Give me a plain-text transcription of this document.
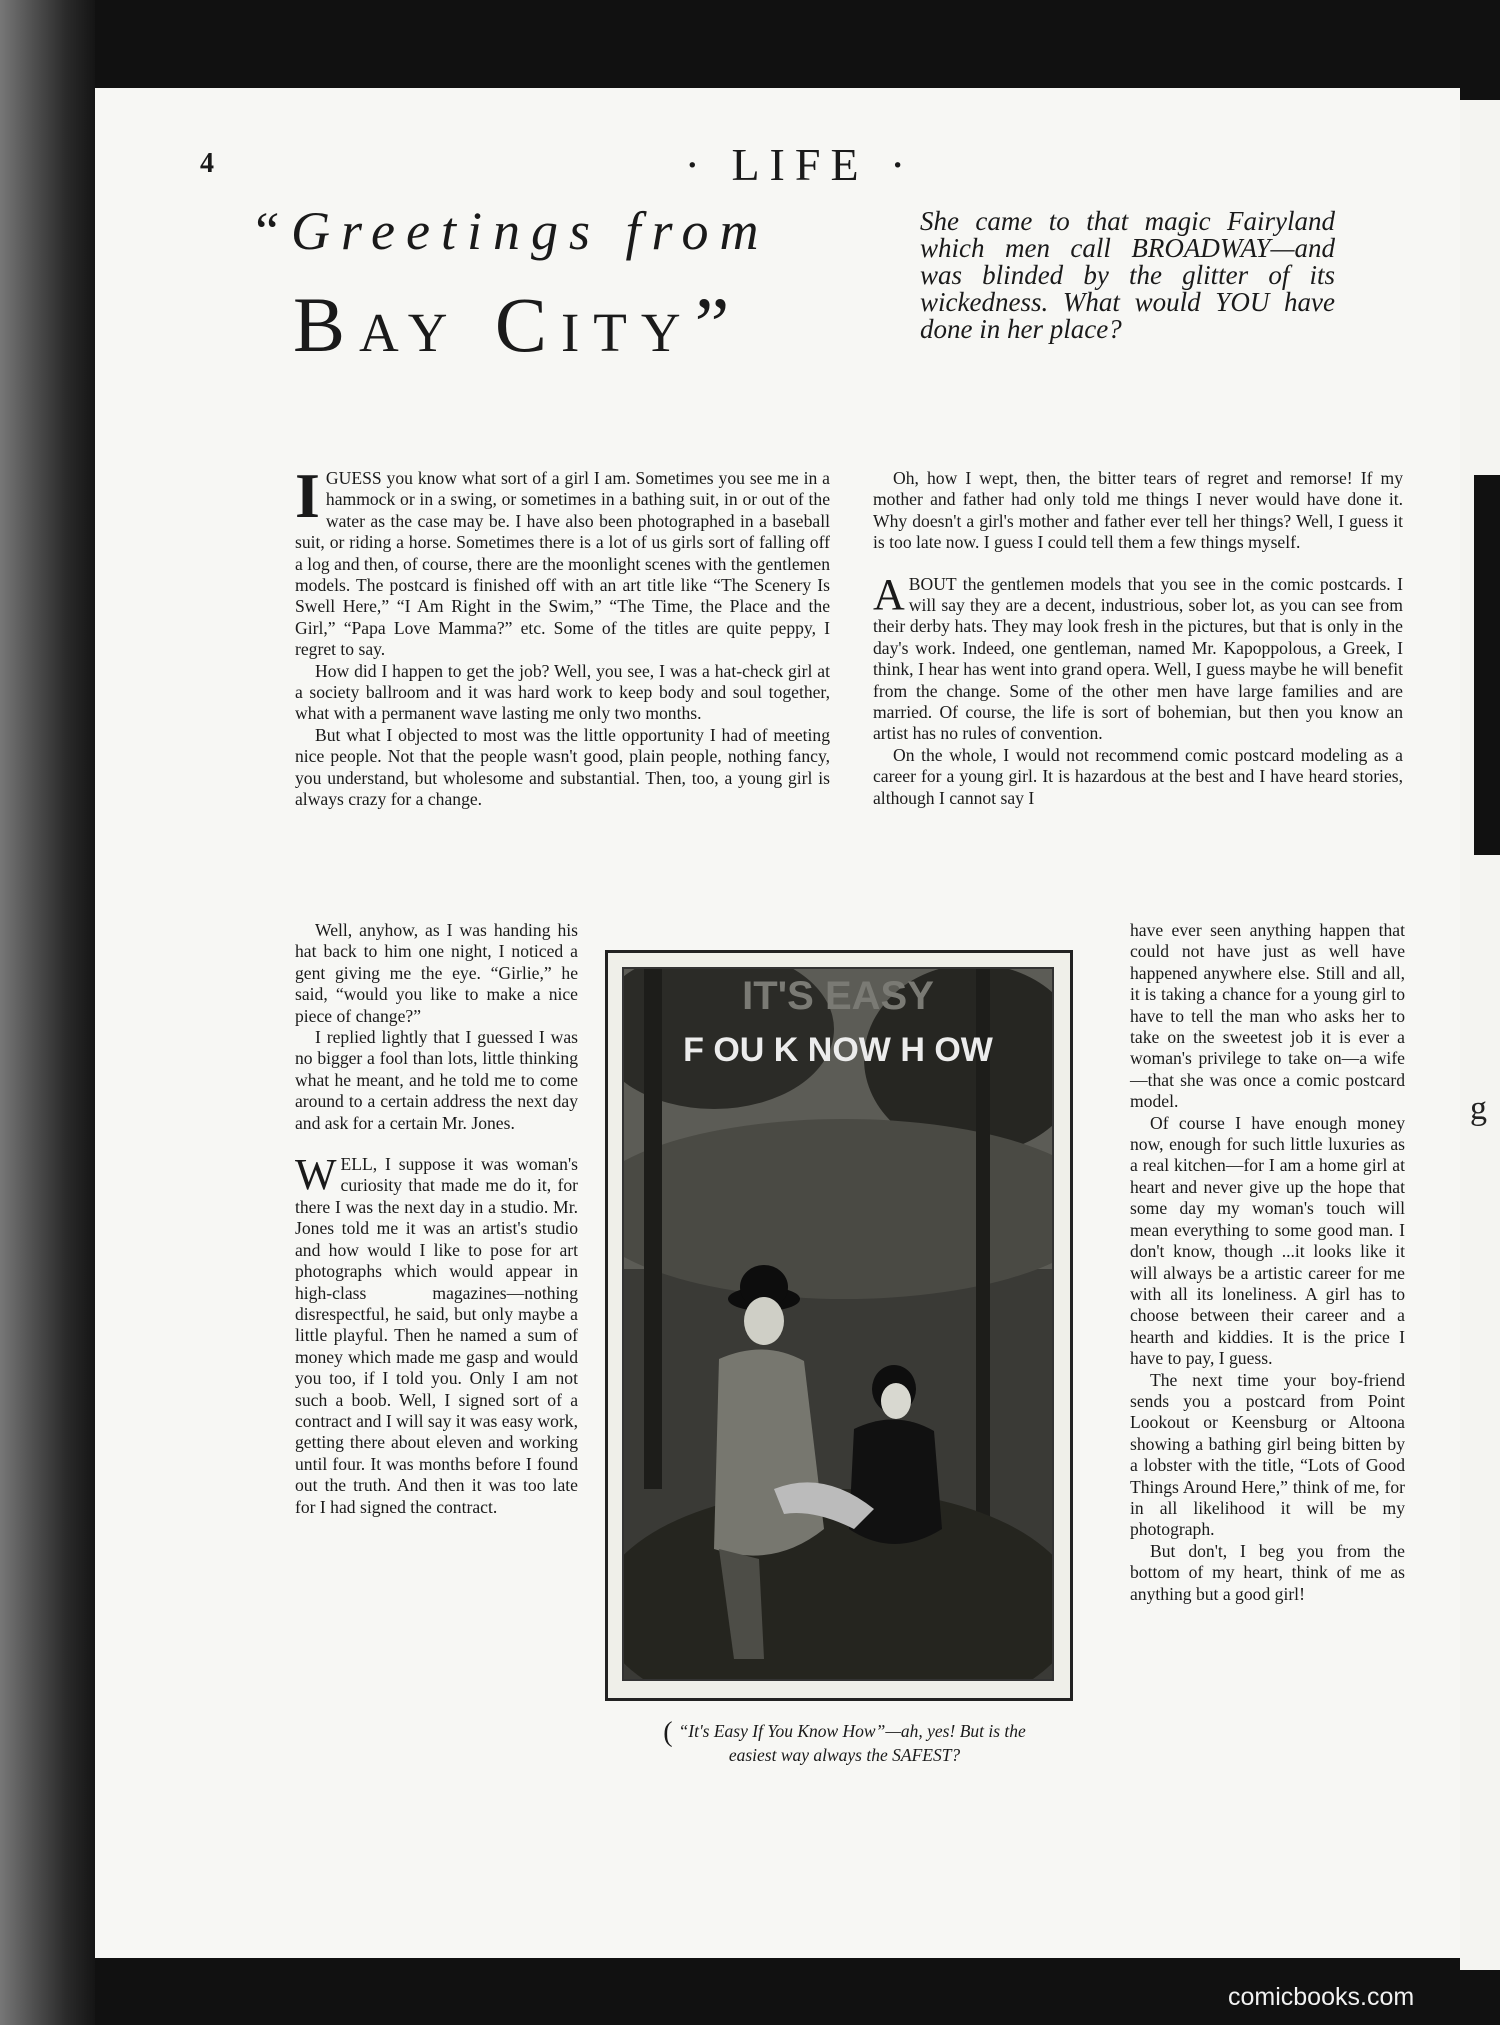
g
4	· LIFE ·
“Greetings from
Bay City”
She came to that magic Fairyland which men call BROADWAY—and was blinded by the glitter of its wickedness. What would YOU have done in her place?

IGUESS you know what sort of a girl I am. Sometimes you see me in a hammock or in a swing, or sometimes in a bathing suit, in or out of the water as the case may be. I have also been photographed in a baseball suit, or riding a horse. Sometimes there is a lot of us girls sort of falling off a log and then, of course, there are the moonlight scenes with the gentlemen models. The postcard is finished off with an art title like “The Scenery Is Swell Here,” “I Am Right in the Swim,” “The Time, the Place and the Girl,” “Papa Love Mamma?” etc. Some of the titles are quite peppy, I regret to say.

How did I happen to get the job? Well, you see, I was a hat-check girl at a society ballroom and it was hard work to keep body and soul together, what with a permanent wave lasting me only two months.

But what I objected to most was the little opportunity I had of meeting nice people. Not that the people wasn't good, plain people, nothing fancy, you understand, but wholesome and substantial. Then, too, a young girl is always crazy for a change.

Well, anyhow, as I was handing his hat back to him one night, I noticed a gent giving me the eye. “Girlie,” he said, “would you like to make a nice piece of change?”

I replied lightly that I guessed I was no bigger a fool than lots, little thinking what he meant, and he told me to come around to a certain address the next day and ask for a certain Mr. Jones.

WELL, I suppose it was woman's curiosity that made me do it, for there I was the next day in a studio. Mr. Jones told me it was an artist's studio and how would I like to pose for art photographs which would appear in high-class magazines—nothing disrespectful, he said, but only maybe a little playful. Then he named a sum of money which made me gasp and would you too, if I told you. Only I am not such a boob. Well, I signed sort of a contract and I will say it was easy work, getting there about eleven and working until four. It was months before I found out the truth. And then it was too late for I had signed the contract.

Oh, how I wept, then, the bitter tears of regret and remorse! If my mother and father had only told me things I never would have done it. Why doesn't a girl's mother and father ever tell her things? Well, I guess it is too late now. I guess I could tell them a few things myself.

ABOUT the gentlemen models that you see in the comic postcards. I will say they are a decent, industrious, sober lot, as you can see from their derby hats. They may look fresh in the pictures, but that is only in the day's work. Indeed, one gentleman, named Mr. Kapoppolous, a Greek, I think, I hear has went into grand opera. Well, I guess maybe he will benefit from the change. Some of the other men have large families and are married. Of course, the life is sort of bohemian, but then you know an artist has no rules of convention.

On the whole, I would not recommend comic postcard modeling as a career for a young girl. It is hazardous at the best and I have heard stories, although I cannot say I

have ever seen anything happen that could not have just as well have happened anywhere else. Still and all, it is taking a chance for a young girl to have to tell the man who asks her to take on the sweetest job it is ever a woman's privilege to take on—a wife—that she was once a comic postcard model.

Of course I have enough money now, enough for such little luxuries as a real kitchen—for I am a home girl at heart and never give up the hope that some day my woman's touch will mean everything to some good man. I don't know, though ...it looks like it will always be a artistic career for me with all its loneliness. A girl has to choose between their career and a hearth and kiddies. It is the price I have to pay, I guess.

The next time your boy-friend sends you a postcard from Point Lookout or Keensburg or Altoona showing a bathing girl being bitten by a lobster with the title, “Lots of Good Things Around Here,” think of me, for in all likelihood it will be my photograph.

But don't, I beg you from the bottom of my heart, think of me as anything but a good girl!

IT'S EASY
F OU K NOW H OW
( “It's Easy If You Know How”—ah, yes! But is the
easiest way always the SAFEST?
comicbooks.com
